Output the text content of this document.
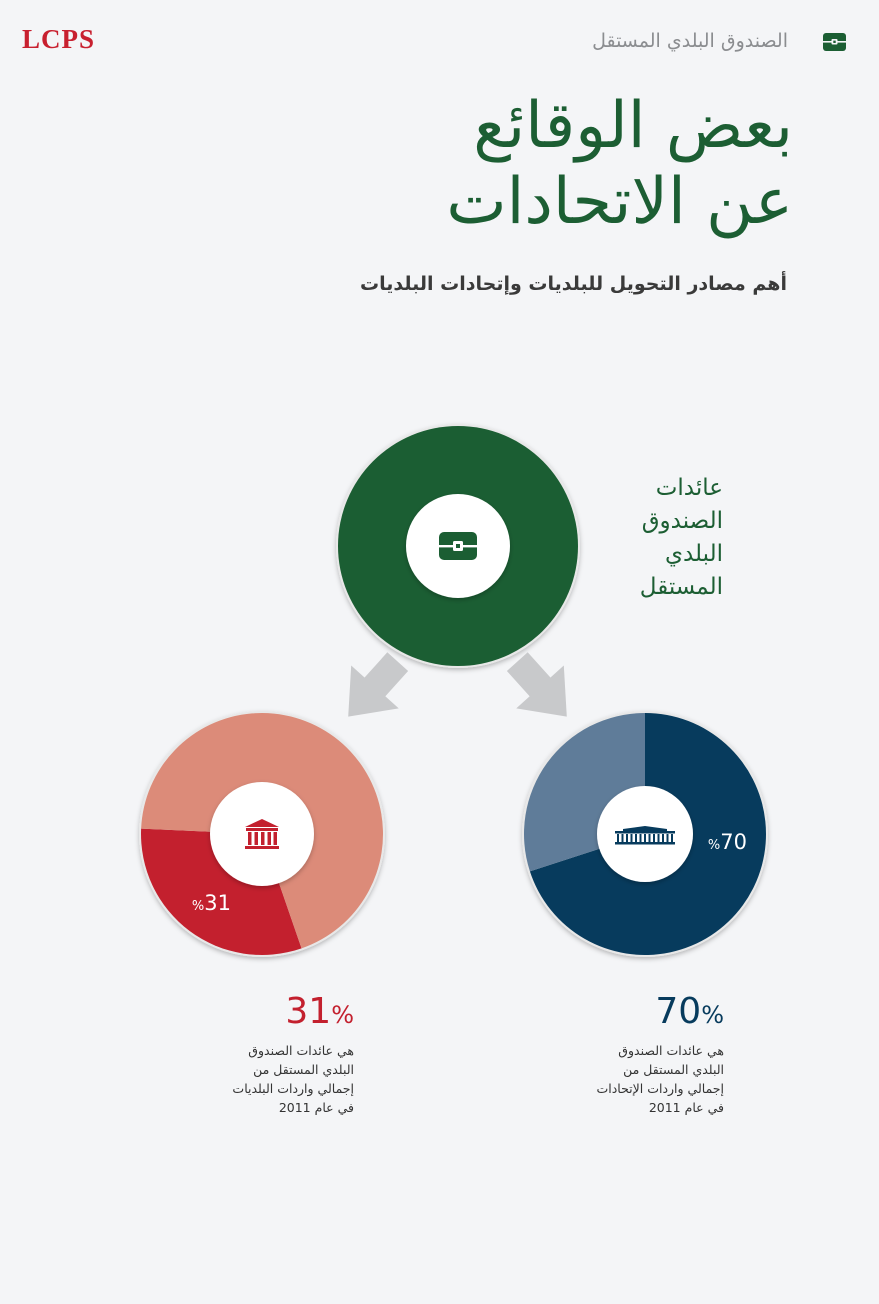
LCPS	الصندوق البلدي المستقل
بعض الوقائع
عن الاتحادات
أهم مصادر التحويل للبلديات وإتحادات البلديات
عائدات
الصندوق
البلدي
المستقل
%31
%70
31%
هي عائدات الصندوق
البلدي المستقل من
إجمالي واردات البلديات
في عام 2011
70%
هي عائدات الصندوق
البلدي المستقل من
إجمالي واردات الإتحادات
في عام 2011
